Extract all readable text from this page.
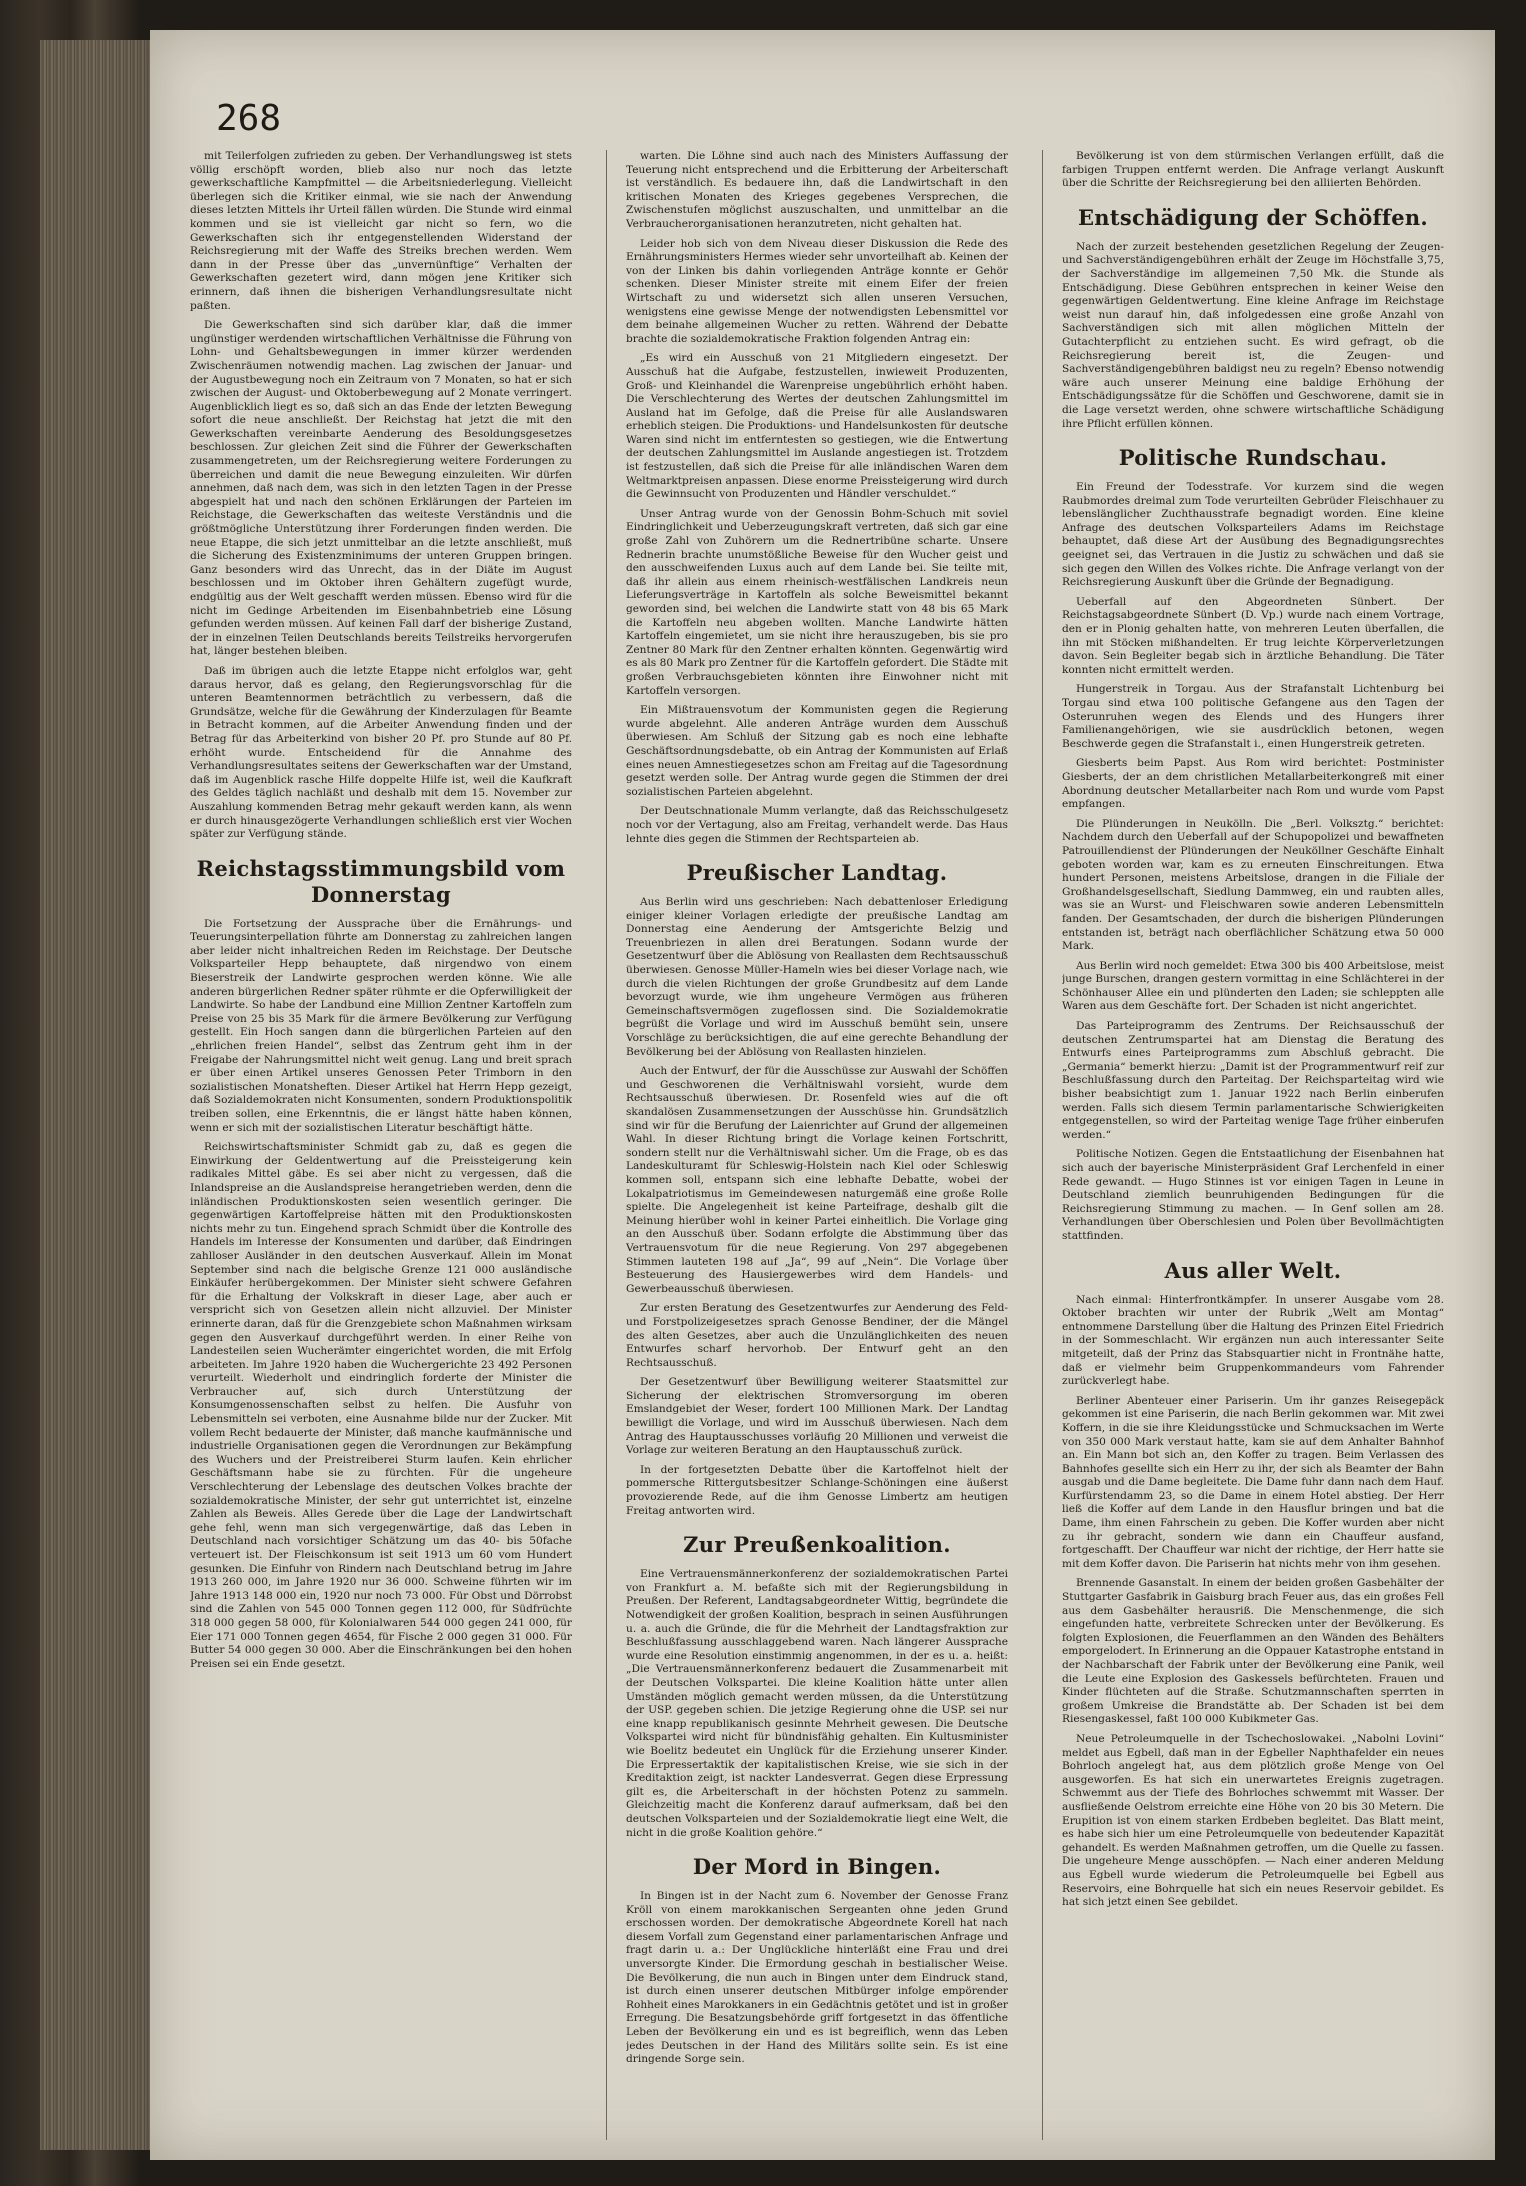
268

mit Teilerfolgen zufrieden zu geben. Der Verhandlungsweg ist stets völlig erschöpft worden, blieb also nur noch das letzte gewerkschaftliche Kampfmittel — die Arbeitsniederlegung. Vielleicht überlegen sich die Kritiker einmal, wie sie nach der Anwendung dieses letzten Mittels ihr Urteil fällen würden. Die Stunde wird einmal kommen und sie ist vielleicht gar nicht so fern, wo die Gewerkschaften sich ihr entgegenstellenden Widerstand der Reichsregierung mit der Waffe des Streiks brechen werden. Wem dann in der Presse über das „unvernünftige“ Verhalten der Gewerkschaften gezetert wird, dann mögen jene Kritiker sich erinnern, daß ihnen die bisherigen Verhandlungsresultate nicht paßten.

Die Gewerkschaften sind sich darüber klar, daß die immer ungünstiger werdenden wirtschaftlichen Verhältnisse die Führung von Lohn- und Gehaltsbewegungen in immer kürzer werdenden Zwischenräumen notwendig machen. Lag zwischen der Januar- und der Augustbewegung noch ein Zeitraum von 7 Monaten, so hat er sich zwischen der August- und Oktoberbewegung auf 2 Monate verringert. Augenblicklich liegt es so, daß sich an das Ende der letzten Bewegung sofort die neue anschließt. Der Reichstag hat jetzt die mit den Gewerkschaften vereinbarte Aenderung des Besoldungsgesetzes beschlossen. Zur gleichen Zeit sind die Führer der Gewerkschaften zusammengetreten, um der Reichsregierung weitere Forderungen zu überreichen und damit die neue Bewegung einzuleiten. Wir dürfen annehmen, daß nach dem, was sich in den letzten Tagen in der Presse abgespielt hat und nach den schönen Erklärungen der Parteien im Reichstage, die Gewerkschaften das weiteste Verständnis und die größtmögliche Unterstützung ihrer Forderungen finden werden. Die neue Etappe, die sich jetzt unmittelbar an die letzte anschließt, muß die Sicherung des Existenzminimums der unteren Gruppen bringen. Ganz besonders wird das Unrecht, das in der Diäte im August beschlossen und im Oktober ihren Gehältern zugefügt wurde, endgültig aus der Welt geschafft werden müssen. Ebenso wird für die nicht im Gedinge Arbeitenden im Eisenbahnbetrieb eine Lösung gefunden werden müssen. Auf keinen Fall darf der bisherige Zustand, der in einzelnen Teilen Deutschlands bereits Teilstreiks hervorgerufen hat, länger bestehen bleiben.

Daß im übrigen auch die letzte Etappe nicht erfolglos war, geht daraus hervor, daß es gelang, den Regierungsvorschlag für die unteren Beamtennormen beträchtlich zu verbessern, daß die Grundsätze, welche für die Gewährung der Kinderzulagen für Beamte in Betracht kommen, auf die Arbeiter Anwendung finden und der Betrag für das Arbeiterkind von bisher 20 Pf. pro Stunde auf 80 Pf. erhöht wurde. Entscheidend für die Annahme des Verhandlungsresultates seitens der Gewerkschaften war der Umstand, daß im Augenblick rasche Hilfe doppelte Hilfe ist, weil die Kaufkraft des Geldes täglich nachläßt und deshalb mit dem 15. November zur Auszahlung kommenden Betrag mehr gekauft werden kann, als wenn er durch hinausgezögerte Verhandlungen schließlich erst vier Wochen später zur Verfügung stände.

Reichstagsstimmungsbild vom Donnerstag

Die Fortsetzung der Aussprache über die Ernährungs- und Teuerungsinterpellation führte am Donnerstag zu zahlreichen langen aber leider nicht inhaltreichen Reden im Reichstage. Der Deutsche Volksparteiler Hepp behauptete, daß nirgendwo von einem Bieserstreik der Landwirte gesprochen werden könne. Wie alle anderen bürgerlichen Redner später rühmte er die Opferwilligkeit der Landwirte. So habe der Landbund eine Million Zentner Kartoffeln zum Preise von 25 bis 35 Mark für die ärmere Bevölkerung zur Verfügung gestellt. Ein Hoch sangen dann die bürgerlichen Parteien auf den „ehrlichen freien Handel“, selbst das Zentrum geht ihm in der Freigabe der Nahrungsmittel nicht weit genug. Lang und breit sprach er über einen Artikel unseres Genossen Peter Trimborn in den sozialistischen Monatsheften. Dieser Artikel hat Herrn Hepp gezeigt, daß Sozialdemokraten nicht Konsumenten, sondern Produktionspolitik treiben sollen, eine Erkenntnis, die er längst hätte haben können, wenn er sich mit der sozialistischen Literatur beschäftigt hätte.

Reichswirtschaftsminister Schmidt gab zu, daß es gegen die Einwirkung der Geldentwertung auf die Preissteigerung kein radikales Mittel gäbe. Es sei aber nicht zu vergessen, daß die Inlandspreise an die Auslandspreise herangetrieben werden, denn die inländischen Produktionskosten seien wesentlich geringer. Die gegenwärtigen Kartoffelpreise hätten mit den Produktionskosten nichts mehr zu tun. Eingehend sprach Schmidt über die Kontrolle des Handels im Interesse der Konsumenten und darüber, daß Eindringen zahlloser Ausländer in den deutschen Ausverkauf. Allein im Monat September sind nach die belgische Grenze 121 000 ausländische Einkäufer herübergekommen. Der Minister sieht schwere Gefahren für die Erhaltung der Volkskraft in dieser Lage, aber auch er verspricht sich von Gesetzen allein nicht allzuviel. Der Minister erinnerte daran, daß für die Grenzgebiete schon Maßnahmen wirksam gegen den Ausverkauf durchgeführt werden. In einer Reihe von Landesteilen seien Wucherämter eingerichtet worden, die mit Erfolg arbeiteten. Im Jahre 1920 haben die Wuchergerichte 23 492 Personen verurteilt. Wiederholt und eindringlich forderte der Minister die Verbraucher auf, sich durch Unterstützung der Konsumgenossenschaften selbst zu helfen. Die Ausfuhr von Lebensmitteln sei verboten, eine Ausnahme bilde nur der Zucker. Mit vollem Recht bedauerte der Minister, daß manche kaufmännische und industrielle Organisationen gegen die Verordnungen zur Bekämpfung des Wuchers und der Preistreiberei Sturm laufen. Kein ehrlicher Geschäftsmann habe sie zu fürchten. Für die ungeheure Verschlechterung der Lebenslage des deutschen Volkes brachte der sozialdemokratische Minister, der sehr gut unterrichtet ist, einzelne Zahlen als Beweis. Alles Gerede über die Lage der Landwirtschaft gehe fehl, wenn man sich vergegenwärtige, daß das Leben in Deutschland nach vorsichtiger Schätzung um das 40- bis 50fache verteuert ist. Der Fleischkonsum ist seit 1913 um 60 vom Hundert gesunken. Die Einfuhr von Rindern nach Deutschland betrug im Jahre 1913 260 000, im Jahre 1920 nur 36 000. Schweine führten wir im Jahre 1913 148 000 ein, 1920 nur noch 73 000. Für Obst und Dörrobst sind die Zahlen von 545 000 Tonnen gegen 112 000, für Südfrüchte 318 000 gegen 58 000, für Kolonialwaren 544 000 gegen 241 000, für Eier 171 000 Tonnen gegen 4654, für Fische 2 000 gegen 31 000. Für Butter 54 000 gegen 30 000. Aber die Einschränkungen bei den hohen Preisen sei ein Ende gesetzt.

warten. Die Löhne sind auch nach des Ministers Auffassung der Teuerung nicht entsprechend und die Erbitterung der Arbeiterschaft ist verständlich. Es bedauere ihn, daß die Landwirtschaft in den kritischen Monaten des Krieges gegebenes Versprechen, die Zwischenstufen möglichst auszuschalten, und unmittelbar an die Verbraucherorganisationen heranzutreten, nicht gehalten hat.

Leider hob sich von dem Niveau dieser Diskussion die Rede des Ernährungsministers Hermes wieder sehr unvorteilhaft ab. Keinen der von der Linken bis dahin vorliegenden Anträge konnte er Gehör schenken. Dieser Minister streite mit einem Eifer der freien Wirtschaft zu und widersetzt sich allen unseren Versuchen, wenigstens eine gewisse Menge der notwendigsten Lebensmittel vor dem beinahe allgemeinen Wucher zu retten. Während der Debatte brachte die sozialdemokratische Fraktion folgenden Antrag ein:

„Es wird ein Ausschuß von 21 Mitgliedern eingesetzt. Der Ausschuß hat die Aufgabe, festzustellen, inwieweit Produzenten, Groß- und Kleinhandel die Warenpreise ungebührlich erhöht haben. Die Verschlechterung des Wertes der deutschen Zahlungsmittel im Ausland hat im Gefolge, daß die Preise für alle Auslandswaren erheblich steigen. Die Produktions- und Handelsunkosten für deutsche Waren sind nicht im entferntesten so gestiegen, wie die Entwertung der deutschen Zahlungsmittel im Auslande angestiegen ist. Trotzdem ist festzustellen, daß sich die Preise für alle inländischen Waren dem Weltmarktpreisen anpassen. Diese enorme Preissteigerung wird durch die Gewinnsucht von Produzenten und Händler verschuldet.“

Unser Antrag wurde von der Genossin Bohm-Schuch mit soviel Eindringlichkeit und Ueberzeugungskraft vertreten, daß sich gar eine große Zahl von Zuhörern um die Rednertribüne scharte. Unsere Rednerin brachte unumstößliche Beweise für den Wucher geist und den ausschweifenden Luxus auch auf dem Lande bei. Sie teilte mit, daß ihr allein aus einem rheinisch-westfälischen Landkreis neun Lieferungsverträge in Kartoffeln als solche Beweismittel bekannt geworden sind, bei welchen die Landwirte statt von 48 bis 65 Mark die Kartoffeln neu abgeben wollten. Manche Landwirte hätten Kartoffeln eingemietet, um sie nicht ihre herauszugeben, bis sie pro Zentner 80 Mark für den Zentner erhalten könnten. Gegenwärtig wird es als 80 Mark pro Zentner für die Kartoffeln gefordert. Die Städte mit großen Verbrauchsgebieten könnten ihre Einwohner nicht mit Kartoffeln versorgen.

Ein Mißtrauensvotum der Kommunisten gegen die Regierung wurde abgelehnt. Alle anderen Anträge wurden dem Ausschuß überwiesen. Am Schluß der Sitzung gab es noch eine lebhafte Geschäftsordnungsdebatte, ob ein Antrag der Kommunisten auf Erlaß eines neuen Amnestiegesetzes schon am Freitag auf die Tagesordnung gesetzt werden solle. Der Antrag wurde gegen die Stimmen der drei sozialistischen Parteien abgelehnt.

Der Deutschnationale Mumm verlangte, daß das Reichsschulgesetz noch vor der Vertagung, also am Freitag, verhandelt werde. Das Haus lehnte dies gegen die Stimmen der Rechtsparteien ab.

Preußischer Landtag.

Aus Berlin wird uns geschrieben: Nach debattenloser Erledigung einiger kleiner Vorlagen erledigte der preußische Landtag am Donnerstag eine Aenderung der Amtsgerichte Belzig und Treuenbriezen in allen drei Beratungen. Sodann wurde der Gesetzentwurf über die Ablösung von Reallasten dem Rechtsausschuß überwiesen. Genosse Müller-Hameln wies bei dieser Vorlage nach, wie durch die vielen Richtungen der große Grundbesitz auf dem Lande bevorzugt wurde, wie ihm ungeheure Vermögen aus früheren Gemeinschaftsvermögen zugeflossen sind. Die Sozialdemokratie begrüßt die Vorlage und wird im Ausschuß bemüht sein, unsere Vorschläge zu berücksichtigen, die auf eine gerechte Behandlung der Bevölkerung bei der Ablösung von Reallasten hinzielen.

Auch der Entwurf, der für die Ausschüsse zur Auswahl der Schöffen und Geschworenen die Verhältniswahl vorsieht, wurde dem Rechtsausschuß überwiesen. Dr. Rosenfeld wies auf die oft skandalösen Zusammensetzungen der Ausschüsse hin. Grundsätzlich sind wir für die Berufung der Laienrichter auf Grund der allgemeinen Wahl. In dieser Richtung bringt die Vorlage keinen Fortschritt, sondern stellt nur die Verhältniswahl sicher. Um die Frage, ob es das Landeskulturamt für Schleswig-Holstein nach Kiel oder Schleswig kommen soll, entspann sich eine lebhafte Debatte, wobei der Lokalpatriotismus im Gemeindewesen naturgemäß eine große Rolle spielte. Die Angelegenheit ist keine Parteifrage, deshalb gilt die Meinung hierüber wohl in keiner Partei einheitlich. Die Vorlage ging an den Ausschuß über. Sodann erfolgte die Abstimmung über das Vertrauensvotum für die neue Regierung. Von 297 abgegebenen Stimmen lauteten 198 auf „Ja“, 99 auf „Nein“. Die Vorlage über Besteuerung des Hausiergewerbes wird dem Handels- und Gewerbeausschuß überwiesen.

Zur ersten Beratung des Gesetzentwurfes zur Aenderung des Feld- und Forstpolizeigesetzes sprach Genosse Bendiner, der die Mängel des alten Gesetzes, aber auch die Unzulänglichkeiten des neuen Entwurfes scharf hervorhob. Der Entwurf geht an den Rechtsausschuß.

Der Gesetzentwurf über Bewilligung weiterer Staatsmittel zur Sicherung der elektrischen Stromversorgung im oberen Emslandgebiet der Weser, fordert 100 Millionen Mark. Der Landtag bewilligt die Vorlage, und wird im Ausschuß überwiesen. Nach dem Antrag des Hauptausschusses vorläufig 20 Millionen und verweist die Vorlage zur weiteren Beratung an den Hauptausschuß zurück.

In der fortgesetzten Debatte über die Kartoffelnot hielt der pommersche Rittergutsbesitzer Schlange-Schöningen eine äußerst provozierende Rede, auf die ihm Genosse Limbertz am heutigen Freitag antworten wird.

Zur Preußenkoalition.

Eine Vertrauensmännerkonferenz der sozialdemokratischen Partei von Frankfurt a. M. befaßte sich mit der Regierungsbildung in Preußen. Der Referent, Landtagsabgeordneter Wittig, begründete die Notwendigkeit der großen Koalition, besprach in seinen Ausführungen u. a. auch die Gründe, die für die Mehrheit der Landtagsfraktion zur Beschlußfassung ausschlaggebend waren. Nach längerer Aussprache wurde eine Resolution einstimmig angenommen, in der es u. a. heißt: „Die Vertrauensmännerkonferenz bedauert die Zusammenarbeit mit der Deutschen Volkspartei. Die kleine Koalition hätte unter allen Umständen möglich gemacht werden müssen, da die Unterstützung der USP. gegeben schien. Die jetzige Regierung ohne die USP. sei nur eine knapp republikanisch gesinnte Mehrheit gewesen. Die Deutsche Volkspartei wird nicht für bündnisfähig gehalten. Ein Kultusminister wie Boelitz bedeutet ein Unglück für die Erziehung unserer Kinder. Die Erpressertaktik der kapitalistischen Kreise, wie sie sich in der Kreditaktion zeigt, ist nackter Landesverrat. Gegen diese Erpressung gilt es, die Arbeiterschaft in der höchsten Potenz zu sammeln. Gleichzeitig macht die Konferenz darauf aufmerksam, daß bei den deutschen Volksparteien und der Sozialdemokratie liegt eine Welt, die nicht in die große Koalition gehöre.“

Der Mord in Bingen.

In Bingen ist in der Nacht zum 6. November der Genosse Franz Kröll von einem marokkanischen Sergeanten ohne jeden Grund erschossen worden. Der demokratische Abgeordnete Korell hat nach diesem Vorfall zum Gegenstand einer parlamentarischen Anfrage und fragt darin u. a.: Der Unglückliche hinterläßt eine Frau und drei unversorgte Kinder. Die Ermordung geschah in bestialischer Weise. Die Bevölkerung, die nun auch in Bingen unter dem Eindruck stand, ist durch einen unserer deutschen Mitbürger infolge empörender Rohheit eines Marokkaners in ein Gedächtnis getötet und ist in großer Erregung. Die Besatzungsbehörde griff fortgesetzt in das öffentliche Leben der Bevölkerung ein und es ist begreiflich, wenn das Leben jedes Deutschen in der Hand des Militärs sollte sein. Es ist eine dringende Sorge sein.

Bevölkerung ist von dem stürmischen Verlangen erfüllt, daß die farbigen Truppen entfernt werden. Die Anfrage verlangt Auskunft über die Schritte der Reichsregierung bei den alliierten Behörden.

Entschädigung der Schöffen.

Nach der zurzeit bestehenden gesetzlichen Regelung der Zeugen- und Sachverständigengebühren erhält der Zeuge im Höchstfalle 3,75, der Sachverständige im allgemeinen 7,50 Mk. die Stunde als Entschädigung. Diese Gebühren entsprechen in keiner Weise den gegenwärtigen Geldentwertung. Eine kleine Anfrage im Reichstage weist nun darauf hin, daß infolgedessen eine große Anzahl von Sachverständigen sich mit allen möglichen Mitteln der Gutachterpflicht zu entziehen sucht. Es wird gefragt, ob die Reichsregierung bereit ist, die Zeugen- und Sachverständigengebühren baldigst neu zu regeln? Ebenso notwendig wäre auch unserer Meinung eine baldige Erhöhung der Entschädigungssätze für die Schöffen und Geschworene, damit sie in die Lage versetzt werden, ohne schwere wirtschaftliche Schädigung ihre Pflicht erfüllen können.

Politische Rundschau.

Ein Freund der Todesstrafe. Vor kurzem sind die wegen Raubmordes dreimal zum Tode verurteilten Gebrüder Fleischhauer zu lebenslänglicher Zuchthausstrafe begnadigt worden. Eine kleine Anfrage des deutschen Volksparteilers Adams im Reichstage behauptet, daß diese Art der Ausübung des Begnadigungsrechtes geeignet sei, das Vertrauen in die Justiz zu schwächen und daß sie sich gegen den Willen des Volkes richte. Die Anfrage verlangt von der Reichsregierung Auskunft über die Gründe der Begnadigung.

Ueberfall auf den Abgeordneten Sünbert. Der Reichstagsabgeordnete Sünbert (D. Vp.) wurde nach einem Vortrage, den er in Plonig gehalten hatte, von mehreren Leuten überfallen, die ihn mit Stöcken mißhandelten. Er trug leichte Körperverletzungen davon. Sein Begleiter begab sich in ärztliche Behandlung. Die Täter konnten nicht ermittelt werden.

Hungerstreik in Torgau. Aus der Strafanstalt Lichtenburg bei Torgau sind etwa 100 politische Gefangene aus den Tagen der Osterunruhen wegen des Elends und des Hungers ihrer Familienangehörigen, wie sie ausdrücklich betonen, wegen Beschwerde gegen die Strafanstalt i., einen Hungerstreik getreten.

Giesberts beim Papst. Aus Rom wird berichtet: Postminister Giesberts, der an dem christlichen Metallarbeiterkongreß mit einer Abordnung deutscher Metallarbeiter nach Rom und wurde vom Papst empfangen.

Die Plünderungen in Neukölln. Die „Berl. Volksztg.“ berichtet: Nachdem durch den Ueberfall auf der Schupopolizei und bewaffneten Patrouillendienst der Plünderungen der Neuköllner Geschäfte Einhalt geboten worden war, kam es zu erneuten Einschreitungen. Etwa hundert Personen, meistens Arbeitslose, drangen in die Filiale der Großhandelsgesellschaft, Siedlung Dammweg, ein und raubten alles, was sie an Wurst- und Fleischwaren sowie anderen Lebensmitteln fanden. Der Gesamtschaden, der durch die bisherigen Plünderungen entstanden ist, beträgt nach oberflächlicher Schätzung etwa 50 000 Mark.

Aus Berlin wird noch gemeldet: Etwa 300 bis 400 Arbeitslose, meist junge Burschen, drangen gestern vormittag in eine Schlächterei in der Schönhauser Allee ein und plünderten den Laden; sie schleppten alle Waren aus dem Geschäfte fort. Der Schaden ist nicht angerichtet.

Das Parteiprogramm des Zentrums. Der Reichsausschuß der deutschen Zentrumspartei hat am Dienstag die Beratung des Entwurfs eines Parteiprogramms zum Abschluß gebracht. Die „Germania“ bemerkt hierzu: „Damit ist der Programmentwurf reif zur Beschlußfassung durch den Parteitag. Der Reichsparteitag wird wie bisher beabsichtigt zum 1. Januar 1922 nach Berlin einberufen werden. Falls sich diesem Termin parlamentarische Schwierigkeiten entgegenstellen, so wird der Parteitag wenige Tage früher einberufen werden.“

Politische Notizen. Gegen die Entstaatlichung der Eisenbahnen hat sich auch der bayerische Ministerpräsident Graf Lerchenfeld in einer Rede gewandt. — Hugo Stinnes ist vor einigen Tagen in Leune in Deutschland ziemlich beunruhigenden Bedingungen für die Reichsregierung Stimmung zu machen. — In Genf sollen am 28. Verhandlungen über Oberschlesien und Polen über Bevollmächtigten stattfinden.

Aus aller Welt.

Nach einmal: Hinterfrontkämpfer. In unserer Ausgabe vom 28. Oktober brachten wir unter der Rubrik „Welt am Montag“ entnommene Darstellung über die Haltung des Prinzen Eitel Friedrich in der Sommeschlacht. Wir ergänzen nun auch interessanter Seite mitgeteilt, daß der Prinz das Stabsquartier nicht in Frontnähe hatte, daß er vielmehr beim Gruppenkommandeurs vom Fahrender zurückverlegt habe.

Berliner Abenteuer einer Pariserin. Um ihr ganzes Reisegepäck gekommen ist eine Pariserin, die nach Berlin gekommen war. Mit zwei Koffern, in die sie ihre Kleidungsstücke und Schmucksachen im Werte von 350 000 Mark verstaut hatte, kam sie auf dem Anhalter Bahnhof an. Ein Mann bot sich an, den Koffer zu tragen. Beim Verlassen des Bahnhofes gesellte sich ein Herr zu ihr, der sich als Beamter der Bahn ausgab und die Dame begleitete. Die Dame fuhr dann nach dem Hauf. Kurfürstendamm 23, so die Dame in einem Hotel abstieg. Der Herr ließ die Koffer auf dem Lande in den Hausflur bringen und bat die Dame, ihm einen Fahrschein zu geben. Die Koffer wurden aber nicht zu ihr gebracht, sondern wie dann ein Chauffeur ausfand, fortgeschafft. Der Chauffeur war nicht der richtige, der Herr hatte sie mit dem Koffer davon. Die Pariserin hat nichts mehr von ihm gesehen.

Brennende Gasanstalt. In einem der beiden großen Gasbehälter der Stuttgarter Gasfabrik in Gaisburg brach Feuer aus, das ein großes Fell aus dem Gasbehälter herausriß. Die Menschenmenge, die sich eingefunden hatte, verbreitete Schrecken unter der Bevölkerung. Es folgten Explosionen, die Feuerflammen an den Wänden des Behälters emporgelodert. In Erinnerung an die Oppauer Katastrophe entstand in der Nachbarschaft der Fabrik unter der Bevölkerung eine Panik, weil die Leute eine Explosion des Gaskessels befürchteten. Frauen und Kinder flüchteten auf die Straße. Schutzmannschaften sperrten in großem Umkreise die Brandstätte ab. Der Schaden ist bei dem Riesengaskessel, faßt 100 000 Kubikmeter Gas.

Neue Petroleumquelle in der Tschechoslowakei. „Nabolni Lovini“ meldet aus Egbell, daß man in der Egbeller Naphthafelder ein neues Bohrloch angelegt hat, aus dem plötzlich große Menge von Oel ausgeworfen. Es hat sich ein unerwartetes Ereignis zugetragen. Schwemmt aus der Tiefe des Bohrloches schwemmt mit Wasser. Der ausfließende Oelstrom erreichte eine Höhe von 20 bis 30 Metern. Die Erupition ist von einem starken Erdbeben begleitet. Das Blatt meint, es habe sich hier um eine Petroleumquelle von bedeutender Kapazität gehandelt. Es werden Maßnahmen getroffen, um die Quelle zu fassen. Die ungeheure Menge ausschöpfen. — Nach einer anderen Meldung aus Egbell wurde wiederum die Petroleumquelle bei Egbell aus Reservoirs, eine Bohrquelle hat sich ein neues Reservoir gebildet. Es hat sich jetzt einen See gebildet.
